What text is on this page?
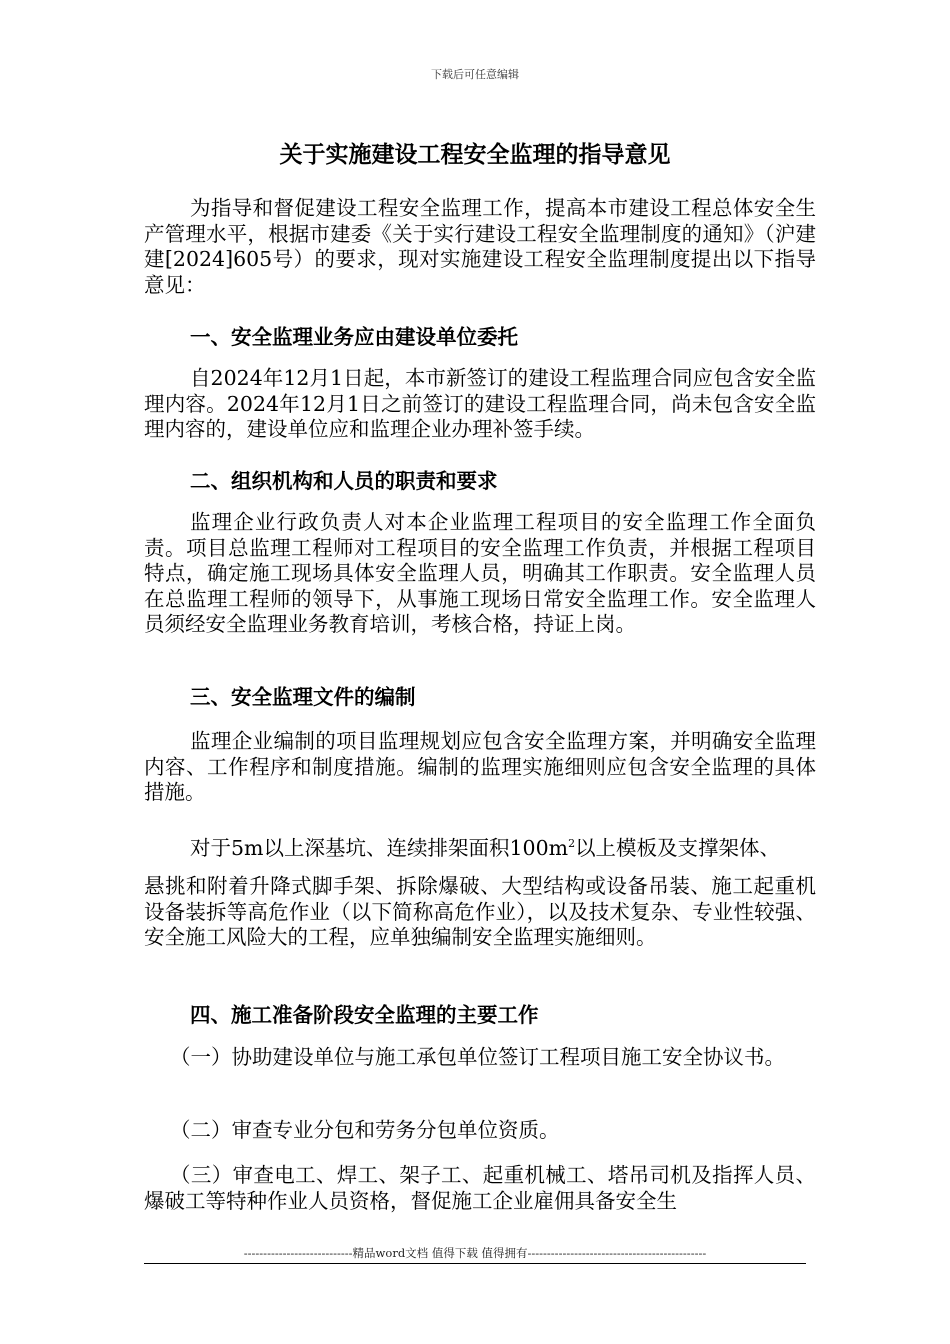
下载后可任意编辑
关于实施建设工程安全监理的指导意见
为指导和督促建设工程安全监理工作，提高本市建设工程总体安全生产管理水平，根据市建委《关于实行建设工程安全监理制度的通知》（沪建建[2024]605号）的要求，现对实施建设工程安全监理制度提出以下指导意见：
一、安全监理业务应由建设单位委托
自2024年12月1日起，本市新签订的建设工程监理合同应包含安全监理内容。2024年12月1日之前签订的建设工程监理合同，尚未包含安全监理内容的，建设单位应和监理企业办理补签手续。
二、组织机构和人员的职责和要求
监理企业行政负责人对本企业监理工程项目的安全监理工作全面负责。项目总监理工程师对工程项目的安全监理工作负责，并根据工程项目特点，确定施工现场具体安全监理人员，明确其工作职责。安全监理人员在总监理工程师的领导下，从事施工现场日常安全监理工作。安全监理人员须经安全监理业务教育培训，考核合格，持证上岗。
三、安全监理文件的编制
监理企业编制的项目监理规划应包含安全监理方案，并明确安全监理内容、工作程序和制度措施。编制的监理实施细则应包含安全监理的具体措施。
对于5m以上深基坑、连续排架面积$100m^2$以上模板及支撑架体、
悬挑和附着升降式脚手架、拆除爆破、大型结构或设备吊装、施工起重机设备装拆等高危作业（以下简称高危作业），以及技术复杂、专业性较强、安全施工风险大的工程，应单独编制安全监理实施细则。
四、施工准备阶段安全监理的主要工作
（一）协助建设单位与施工承包单位签订工程项目施工安全协议书。
（二）审查专业分包和劳务分包单位资质。
（三）审查电工、焊工、架子工、起重机械工、塔吊司机及指挥人员、 爆破工等特种作业人员资格，督促施工企业雇佣具备安全生
----------------------------精品word文档 值得下载 值得拥有----------------------------------------------
